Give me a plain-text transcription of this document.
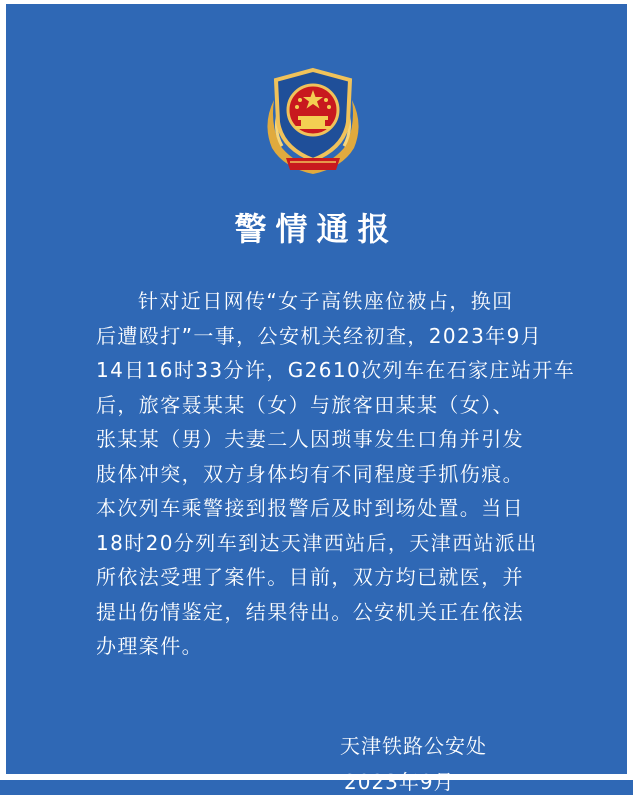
警情通报
针对近日网传“女子高铁座位被占，换回
后遭殴打”一事，公安机关经初查，2023年9月
14日16时33分许，G2610次列车在石家庄站开车
后，旅客聂某某（女）与旅客田某某（女）、
张某某（男）夫妻二人因琐事发生口角并引发
肢体冲突，双方身体均有不同程度手抓伤痕。
本次列车乘警接到报警后及时到场处置。当日
18时20分列车到达天津西站后，天津西站派出
所依法受理了案件。目前，双方均已就医，并
提出伤情鉴定，结果待出。公安机关正在依法
办理案件。
天津铁路公安处
2023年9月
